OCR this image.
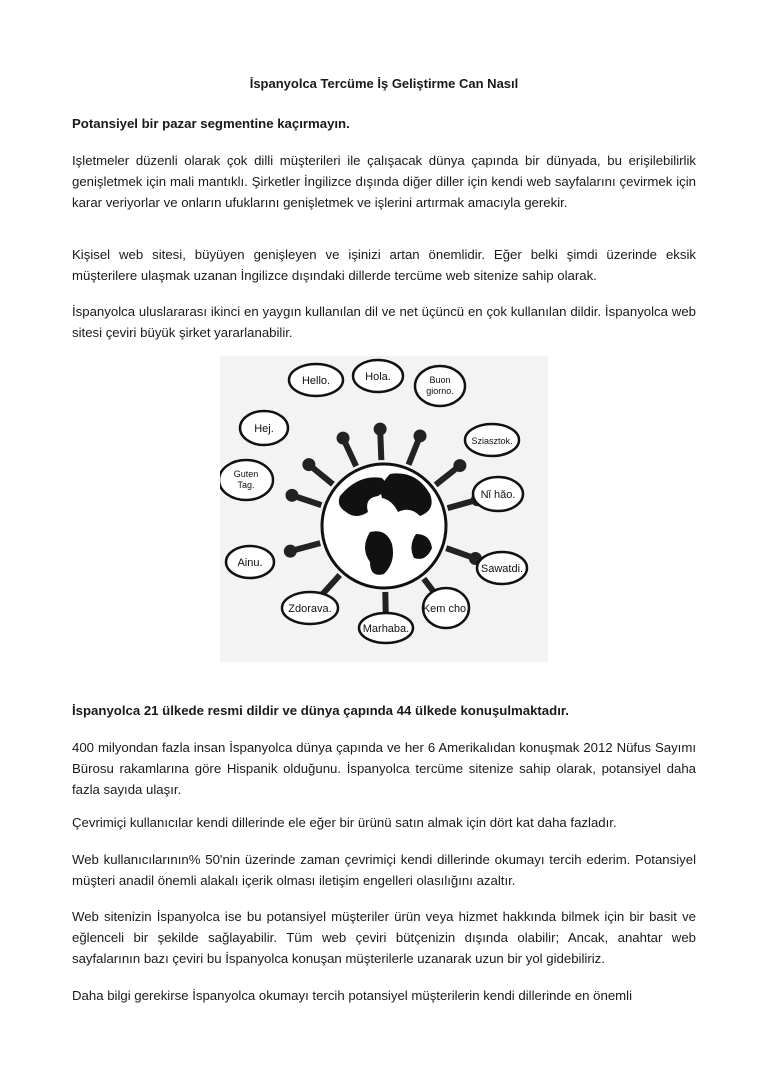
İspanyolca Tercüme İş Geliştirme Can Nasıl
Potansiyel bir pazar segmentine kaçırmayın.
Işletmeler düzenli olarak çok dilli müşterileri ile çalışacak dünya çapında bir dünyada, bu erişilebilirlik genişletmek için mali mantıklı. Şirketler İngilizce dışında diğer diller için kendi web sayfalarını çevirmek için karar veriyorlar ve onların ufuklarını genişletmek ve işlerini artırmak amacıyla gerekir.
Kişisel web sitesi, büyüyen genişleyen ve işinizi artan önemlidir. Eğer belki şimdi üzerinde eksik müşterilere ulaşmak uzanan İngilizce dışındaki dillerde tercüme web sitenize sahip olarak.
İspanyolca uluslararası ikinci en yaygın kullanılan dil ve net üçüncü en çok kullanılan dildir. İspanyolca web sitesi çeviri büyük şirket yararlanabilir.
Hola.	Buon giorno.
Sziasztok.
Nǐ hǎo.
Sawatdi.
Kem cho.
Marhaba.
Zdorava.
Ainu.
Guten Tag.
Hej.
Hello.
İspanyolca 21 ülkede resmi dildir ve dünya çapında 44 ülkede konuşulmaktadır.
400 milyondan fazla insan İspanyolca dünya çapında ve her 6 Amerikalıdan konuşmak 2012 Nüfus Sayımı Bürosu rakamlarına göre Hispanik olduğunu. İspanyolca tercüme sitenize sahip olarak, potansiyel daha fazla sayıda ulaşır.
Çevrimiçi kullanıcılar kendi dillerinde ele eğer bir ürünü satın almak için dört kat daha fazladır.
Web kullanıcılarının% 50'nin üzerinde zaman çevrimiçi kendi dillerinde okumayı tercih ederim. Potansiyel müşteri anadil önemli alakalı içerik olması iletişim engelleri olasılığını azaltır.
Web sitenizin İspanyolca ise bu potansiyel müşteriler ürün veya hizmet hakkında bilmek için bir basit ve eğlenceli bir şekilde sağlayabilir. Tüm web çeviri bütçenizin dışında olabilir; Ancak, anahtar web sayfalarının bazı çeviri bu İspanyolca konuşan müşterilerle uzanarak uzun bir yol gidebiliriz.
Daha bilgi gerekirse İspanyolca okumayı tercih potansiyel müşterilerin kendi dillerinde en önemli
